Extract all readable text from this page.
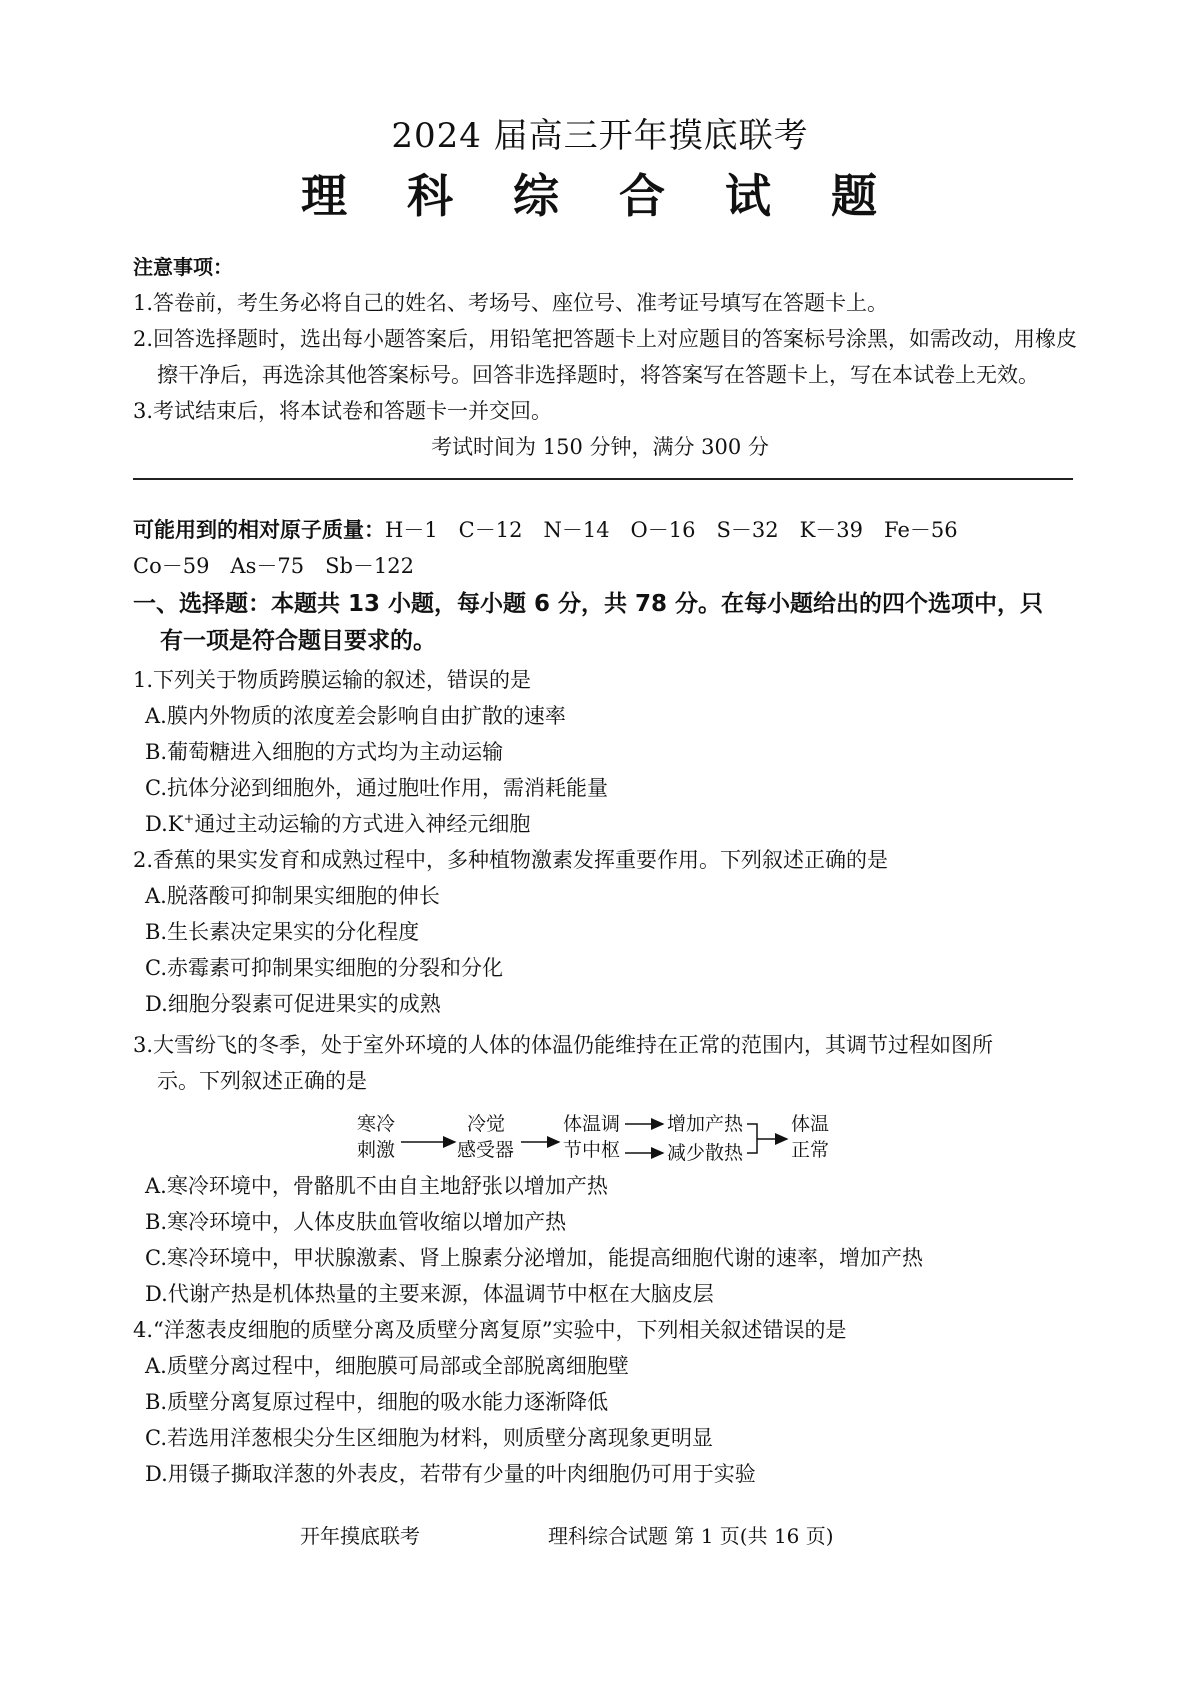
2024 届高三开年摸底联考
理 科 综 合 试 题
注意事项：
1.答卷前，考生务必将自己的姓名、考场号、座位号、准考证号填写在答题卡上。
2.回答选择题时，选出每小题答案后，用铅笔把答题卡上对应题目的答案标号涂黑，如需改动，用橡皮
擦干净后，再选涂其他答案标号。回答非选择题时，将答案写在答题卡上，写在本试卷上无效。
3.考试结束后，将本试卷和答题卡一并交回。
考试时间为 150 分钟，满分 300 分
可能用到的相对原子质量：H－1　C－12　N－14　O－16　S－32　K－39　Fe－56
Co－59　As－75　Sb－122
一、选择题：本题共 13 小题，每小题 6 分，共 78 分。在每小题给出的四个选项中，只
有一项是符合题目要求的。
1.下列关于物质跨膜运输的叙述，错误的是
A.膜内外物质的浓度差会影响自由扩散的速率
B.葡萄糖进入细胞的方式均为主动运输
C.抗体分泌到细胞外，通过胞吐作用，需消耗能量
D.K+通过主动运输的方式进入神经元细胞
2.香蕉的果实发育和成熟过程中，多种植物激素发挥重要作用。下列叙述正确的是
A.脱落酸可抑制果实细胞的伸长
B.生长素决定果实的分化程度
C.赤霉素可抑制果实细胞的分裂和分化
D.细胞分裂素可促进果实的成熟
3.大雪纷飞的冬季，处于室外环境的人体的体温仍能维持在正常的范围内，其调节过程如图所
示。下列叙述正确的是
寒冷
刺激
冷觉
感受器
体温调
节中枢
增加产热
减少散热
体温
正常
A.寒冷环境中，骨骼肌不由自主地舒张以增加产热
B.寒冷环境中，人体皮肤血管收缩以增加产热
C.寒冷环境中，甲状腺激素、肾上腺素分泌增加，能提高细胞代谢的速率，增加产热
D.代谢产热是机体热量的主要来源，体温调节中枢在大脑皮层
4.“洋葱表皮细胞的质壁分离及质壁分离复原”实验中，下列相关叙述错误的是
A.质壁分离过程中，细胞膜可局部或全部脱离细胞壁
B.质壁分离复原过程中，细胞的吸水能力逐渐降低
C.若选用洋葱根尖分生区细胞为材料，则质壁分离现象更明显
D.用镊子撕取洋葱的外表皮，若带有少量的叶肉细胞仍可用于实验
开年摸底联考	理科综合试题 第 1 页(共 16 页)
